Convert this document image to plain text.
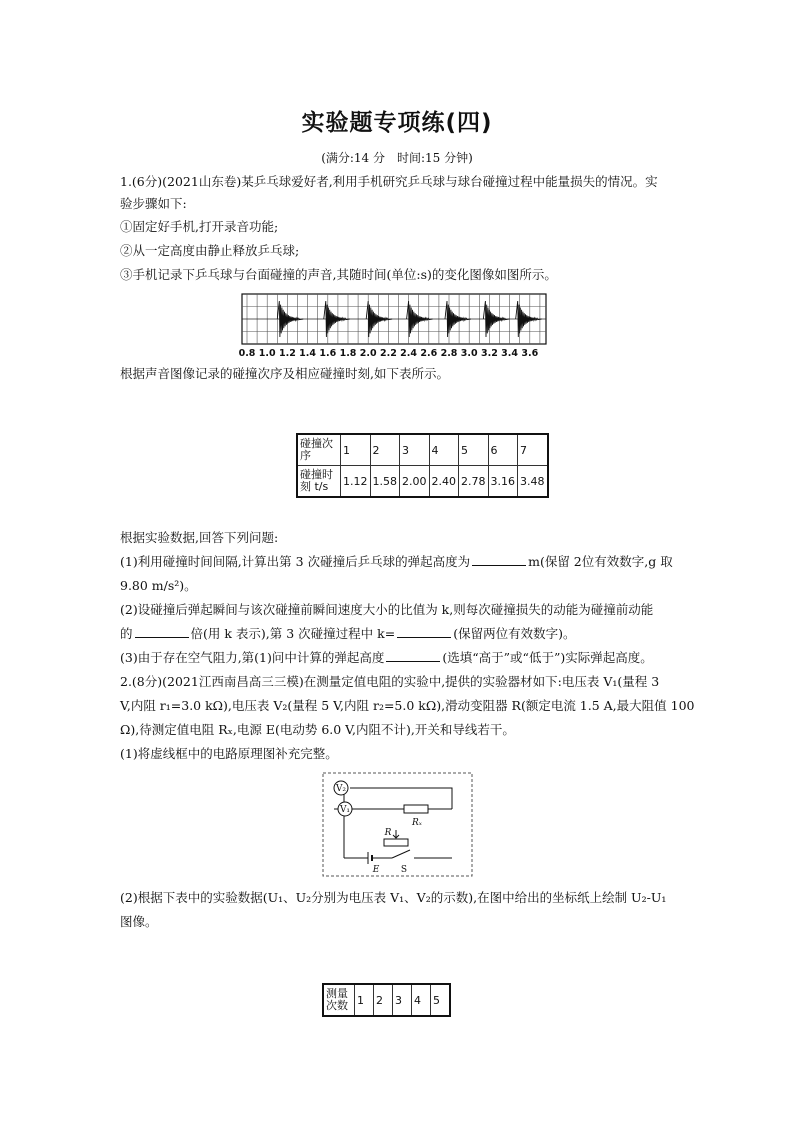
实验题专项练(四)
(满分:14 分　时间:15 分钟)
1.(6分)(2021山东卷)某乒乓球爱好者,利用手机研究乒乓球与球台碰撞过程中能量损失的情况。实
验步骤如下:
①固定好手机,打开录音功能;
②从一定高度由静止释放乒乓球;
③手机记录下乒乓球与台面碰撞的声音,其随时间(单位:s)的变化图像如图所示。
0.8 1.0 1.2 1.4 1.6 1.8 2.0 2.2 2.4 2.6 2.8 3.0 3.2 3.4 3.6
根据声音图像记录的碰撞次序及相应碰撞时刻,如下表所示。
碰撞次序	1	2	3	4	5	6	7
碰撞时刻 t/s	1.12	1.58	2.00	2.40	2.78	3.16	3.48
根据实验数据,回答下列问题:
(1)利用碰撞时间间隔,计算出第 3 次碰撞后乒乓球的弹起高度为	m(保留 2位有效数字,g 取
9.80 m/s²)。
(2)设碰撞后弹起瞬间与该次碰撞前瞬间速度大小的比值为 k,则每次碰撞损失的动能为碰撞前动能
的	倍(用 k 表示),第 3 次碰撞过程中 k=	(保留两位有效数字)。
(3)由于存在空气阻力,第(1)问中计算的弹起高度	(选填“高于”或“低于”)实际弹起高度。
2.(8分)(2021江西南昌高三三模)在测量定值电阻的实验中,提供的实验器材如下:电压表 V₁(量程 3
V,内阻 r₁=3.0 kΩ),电压表 V₂(量程 5 V,内阻 r₂=5.0 kΩ),滑动变阻器 R(额定电流 1.5 A,最大阻值 100
Ω),待测定值电阻 Rₓ,电源 E(电动势 6.0 V,内阻不计),开关和导线若干。
(1)将虚线框中的电路原理图补充完整。
V₂
V₁
Rₓ
R
E S
(2)根据下表中的实验数据(U₁、U₂分别为电压表 V₁、V₂的示数),在图中给出的坐标纸上绘制 U₂-U₁
图像。
测量次数	1	2	3	4	5
